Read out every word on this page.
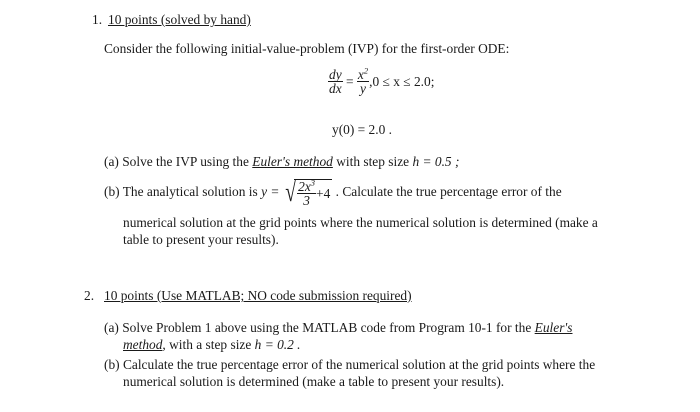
1. 10 points (solved by hand)
Consider the following initial-value-problem (IVP) for the first-order ODE:
$\frac{dy}{dx} = \frac{x^2}{y} ,0 \le x \le 2.0$;
y(0) = 2.0 .
(a) Solve the IVP using the Euler's method with step size h = 0.5 ;
(b) The analytical solution is y = √ $\frac{2x^3}{3} +4$ . Calculate the true percentage error of the
numerical solution at the grid points where the numerical solution is determined (make a
table to present your results).
2. 10 points (Use MATLAB; NO code submission required)
(a) Solve Problem 1 above using the MATLAB code from Program 10-1 for the Euler's
method, with a step size h = 0.2 .
(b) Calculate the true percentage error of the numerical solution at the grid points where the
numerical solution is determined (make a table to present your results).
